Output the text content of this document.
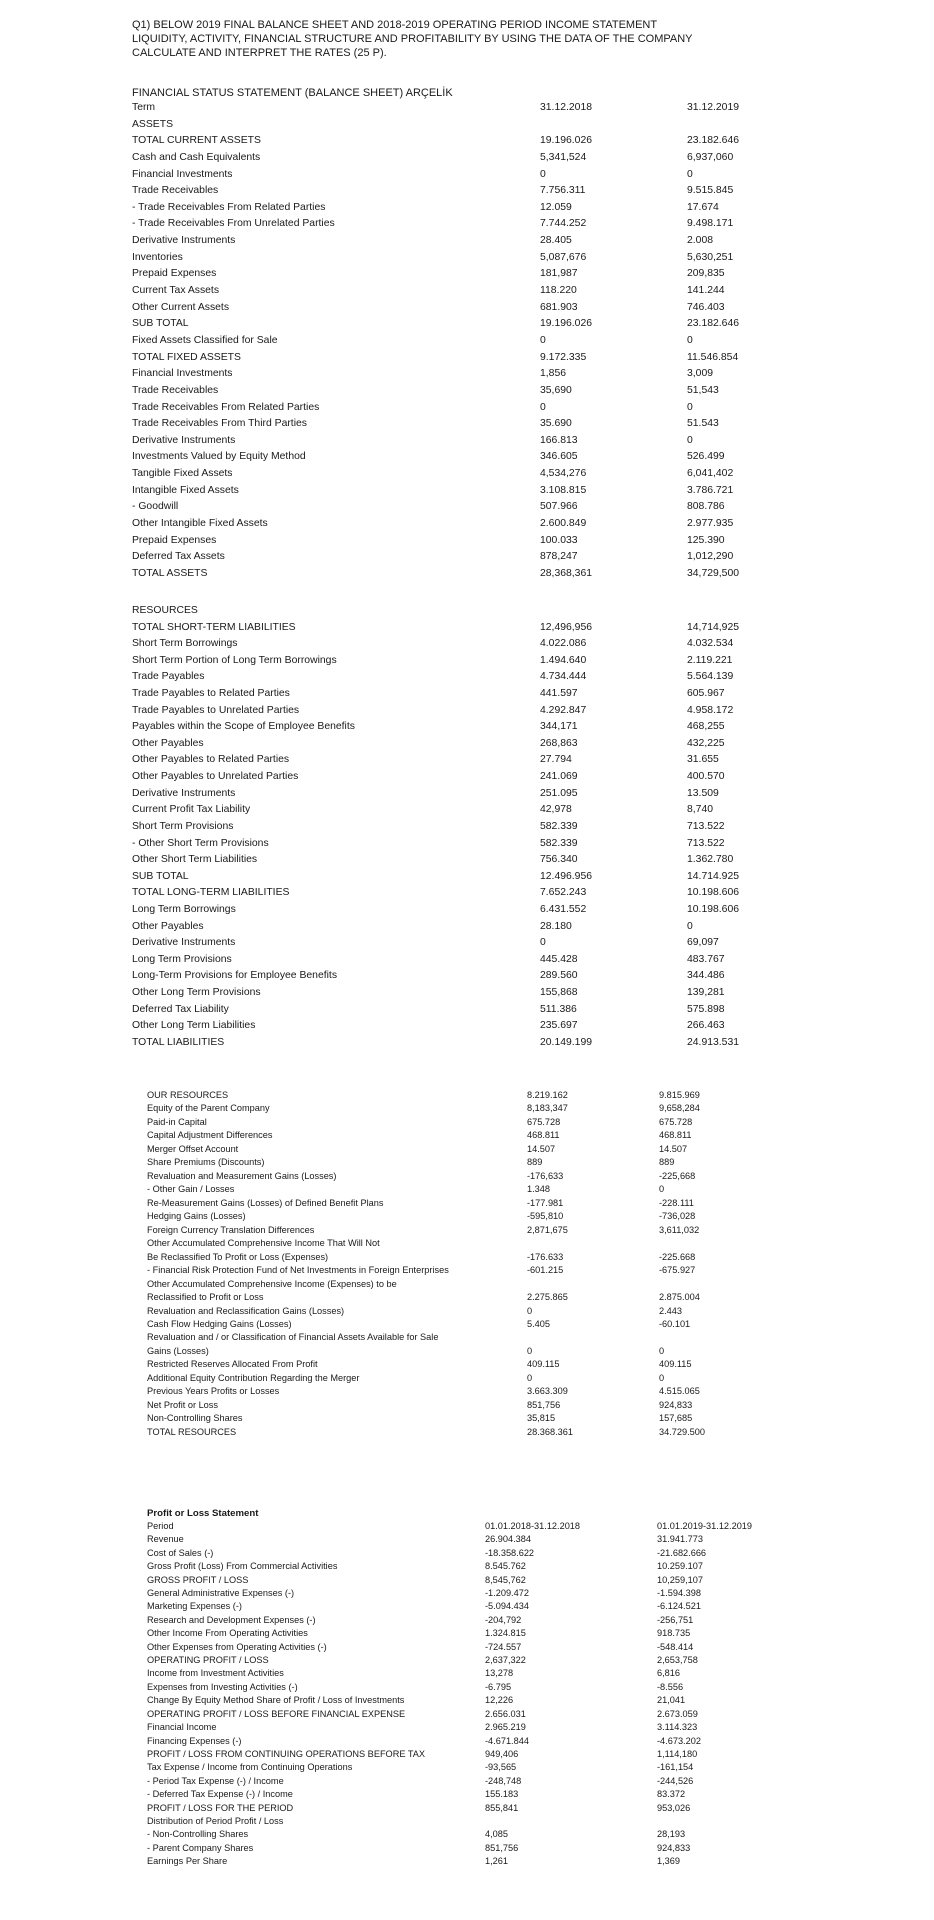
Q1) BELOW 2019 FINAL BALANCE SHEET AND 2018-2019 OPERATING PERIOD INCOME STATEMENT
LIQUIDITY, ACTIVITY, FINANCIAL STRUCTURE AND PROFITABILITY BY USING THE DATA OF THE COMPANY
CALCULATE AND INTERPRET THE RATES (25 P).
FINANCIAL STATUS STATEMENT (BALANCE SHEET) ARÇELİK
Term	31.12.2018	31.12.2019
ASSETS
TOTAL CURRENT ASSETS	19.196.026	23.182.646
Cash and Cash Equivalents	5,341,524	6,937,060
Financial Investments	0	0
Trade Receivables	7.756.311	9.515.845
- Trade Receivables From Related Parties	12.059	17.674
- Trade Receivables From Unrelated Parties	7.744.252	9.498.171
Derivative Instruments	28.405	2.008
Inventories	5,087,676	5,630,251
Prepaid Expenses	181,987	209,835
Current Tax Assets	118.220	141.244
Other Current Assets	681.903	746.403
SUB TOTAL	19.196.026	23.182.646
Fixed Assets Classified for Sale	0	0
TOTAL FIXED ASSETS	9.172.335	11.546.854
Financial Investments	1,856	3,009
Trade Receivables	35,690	51,543
Trade Receivables From Related Parties	0	0
Trade Receivables From Third Parties	35.690	51.543
Derivative Instruments	166.813	0
Investments Valued by Equity Method	346.605	526.499
Tangible Fixed Assets	4,534,276	6,041,402
Intangible Fixed Assets	3.108.815	3.786.721
- Goodwill	507.966	808.786
Other Intangible Fixed Assets	2.600.849	2.977.935
Prepaid Expenses	100.033	125.390
Deferred Tax Assets	878,247	1,012,290
TOTAL ASSETS	28,368,361	34,729,500
RESOURCES
TOTAL SHORT-TERM LIABILITIES	12,496,956	14,714,925
Short Term Borrowings	4.022.086	4.032.534
Short Term Portion of Long Term Borrowings	1.494.640	2.119.221
Trade Payables	4.734.444	5.564.139
Trade Payables to Related Parties	441.597	605.967
Trade Payables to Unrelated Parties	4.292.847	4.958.172
Payables within the Scope of Employee Benefits	344,171	468,255
Other Payables	268,863	432,225
Other Payables to Related Parties	27.794	31.655
Other Payables to Unrelated Parties	241.069	400.570
Derivative Instruments	251.095	13.509
Current Profit Tax Liability	42,978	8,740
Short Term Provisions	582.339	713.522
- Other Short Term Provisions	582.339	713.522
Other Short Term Liabilities	756.340	1.362.780
SUB TOTAL	12.496.956	14.714.925
TOTAL LONG-TERM LIABILITIES	7.652.243	10.198.606
Long Term Borrowings	6.431.552	10.198.606
Other Payables	28.180	0
Derivative Instruments	0	69,097
Long Term Provisions	445.428	483.767
Long-Term Provisions for Employee Benefits	289.560	344.486
Other Long Term Provisions	155,868	139,281
Deferred Tax Liability	511.386	575.898
Other Long Term Liabilities	235.697	266.463
TOTAL LIABILITIES	20.149.199	24.913.531
OUR RESOURCES	8.219.162	9.815.969
Equity of the Parent Company	8,183,347	9,658,284
Paid-in Capital	675.728	675.728
Capital Adjustment Differences	468.811	468.811
Merger Offset Account	14.507	14.507
Share Premiums (Discounts)	889	889
Revaluation and Measurement Gains (Losses)	-176,633	-225,668
- Other Gain / Losses	1.348	0
Re-Measurement Gains (Losses) of Defined Benefit Plans	-177.981	-228.111
Hedging Gains (Losses)	-595,810	-736,028
Foreign Currency Translation Differences	2,871,675	3,611,032
Other Accumulated Comprehensive Income That Will Not
Be Reclassified To Profit or Loss (Expenses)	-176.633	-225.668
- Financial Risk Protection Fund of Net Investments in Foreign Enterprises	-601.215	-675.927
Other Accumulated Comprehensive Income (Expenses) to be
Reclassified to Profit or Loss	2.275.865	2.875.004
Revaluation and Reclassification Gains (Losses)	0	2.443
Cash Flow Hedging Gains (Losses)	5.405	-60.101
Revaluation and / or Classification of Financial Assets Available for Sale
Gains (Losses)	0	0
Restricted Reserves Allocated From Profit	409.115	409.115
Additional Equity Contribution Regarding the Merger	0	0
Previous Years Profits or Losses	3.663.309	4.515.065
Net Profit or Loss	851,756	924,833
Non-Controlling Shares	35,815	157,685
TOTAL RESOURCES	28.368.361	34.729.500
Profit or Loss Statement
Period	01.01.2018-31.12.2018	01.01.2019-31.12.2019
Revenue	26.904.384	31.941.773
Cost of Sales (-)	-18.358.622	-21.682.666
Gross Profit (Loss) From Commercial Activities	8.545.762	10.259.107
GROSS PROFIT / LOSS	8,545,762	10,259,107
General Administrative Expenses (-)	-1.209.472	-1.594.398
Marketing Expenses (-)	-5.094.434	-6.124.521
Research and Development Expenses (-)	-204,792	-256,751
Other Income From Operating Activities	1.324.815	918.735
Other Expenses from Operating Activities (-)	-724.557	-548.414
OPERATING PROFIT / LOSS	2,637,322	2,653,758
Income from Investment Activities	13,278	6,816
Expenses from Investing Activities (-)	-6.795	-8.556
Change By Equity Method Share of Profit / Loss of Investments	12,226	21,041
OPERATING PROFIT / LOSS BEFORE FINANCIAL EXPENSE	2.656.031	2.673.059
Financial Income	2.965.219	3.114.323
Financing Expenses (-)	-4.671.844	-4.673.202
PROFIT / LOSS FROM CONTINUING OPERATIONS BEFORE TAX	949,406	1,114,180
Tax Expense / Income from Continuing Operations	-93,565	-161,154
- Period Tax Expense (-) / Income	-248,748	-244,526
- Deferred Tax Expense (-) / Income	155.183	83.372
PROFIT / LOSS FOR THE PERIOD	855,841	953,026
Distribution of Period Profit / Loss
- Non-Controlling Shares	4,085	28,193
- Parent Company Shares	851,756	924,833
Earnings Per Share	1,261	1,369
